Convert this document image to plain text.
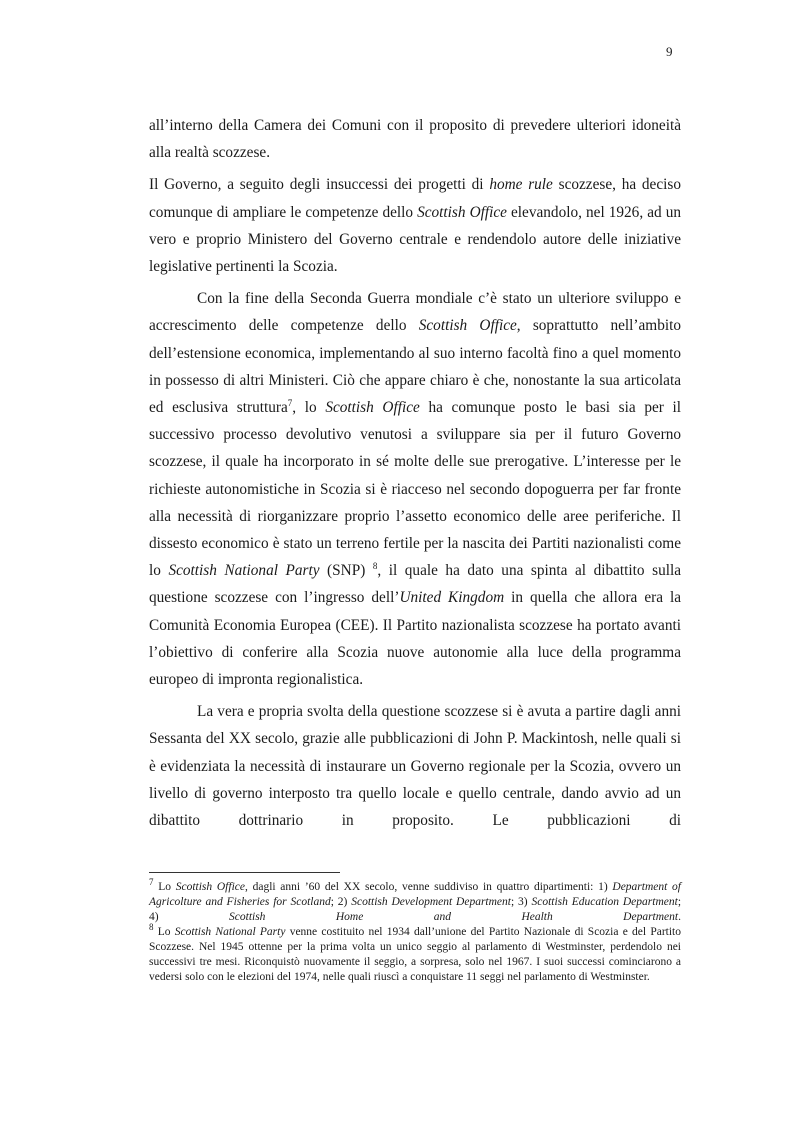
9

all’interno della Camera dei Comuni con il proposito di prevedere ulteriori idoneità alla realtà scozzese.

Il Governo, a seguito degli insuccessi dei progetti di home rule scozzese, ha deciso comunque di ampliare le competenze dello Scottish Office elevandolo, nel 1926, ad un vero e proprio Ministero del Governo centrale e rendendolo autore delle iniziative legislative pertinenti la Scozia.

Con la fine della Seconda Guerra mondiale c’è stato un ulteriore sviluppo e accrescimento delle competenze dello Scottish Office, soprattutto nell’ambito dell’estensione economica, implementando al suo interno facoltà fino a quel momento in possesso di altri Ministeri. Ciò che appare chiaro è che, nonostante la sua articolata ed esclusiva struttura$^7$, lo Scottish Office ha comunque posto le basi sia per il successivo processo devolutivo venutosi a sviluppare sia per il futuro Governo scozzese, il quale ha incorporato in sé molte delle sue prerogative. L’interesse per le richieste autonomistiche in Scozia si è riacceso nel secondo dopoguerra per far fronte alla necessità di riorganizzare proprio l’assetto economico delle aree periferiche. Il dissesto economico è stato un terreno fertile per la nascita dei Partiti nazionalisti come lo Scottish National Party (SNP) $^8$, il quale ha dato una spinta al dibattito sulla questione scozzese con l’ingresso dell’United Kingdom in quella che allora era la Comunità Economia Europea (CEE). Il Partito nazionalista scozzese ha portato avanti l’obiettivo di conferire alla Scozia nuove autonomie alla luce della programma europeo di impronta regionalistica.

La vera e propria svolta della questione scozzese si è avuta a partire dagli anni Sessanta del XX secolo, grazie alle pubblicazioni di John P. Mackintosh, nelle quali si è evidenziata la necessità di instaurare un Governo regionale per la Scozia, ovvero un livello di governo interposto tra quello locale e quello centrale, dando avvio ad un dibattito dottrinario in proposito. Le pubblicazioni di

$^7$ Lo Scottish Office, dagli anni ’60 del XX secolo, venne suddiviso in quattro dipartimenti: 1) Department of Agricolture and Fisheries for Scotland; 2) Scottish Development Department; 3) Scottish Education Department; 4) Scottish Home and Health Department.

$^8$ Lo Scottish National Party venne costituito nel 1934 dall’unione del Partito Nazionale di Scozia e del Partito Scozzese. Nel 1945 ottenne per la prima volta un unico seggio al parlamento di Westminster, perdendolo nei successivi tre mesi. Riconquistò nuovamente il seggio, a sorpresa, solo nel 1967. I suoi successi cominciarono a vedersi solo con le elezioni del 1974, nelle quali riuscì a conquistare 11 seggi nel parlamento di Westminster.
